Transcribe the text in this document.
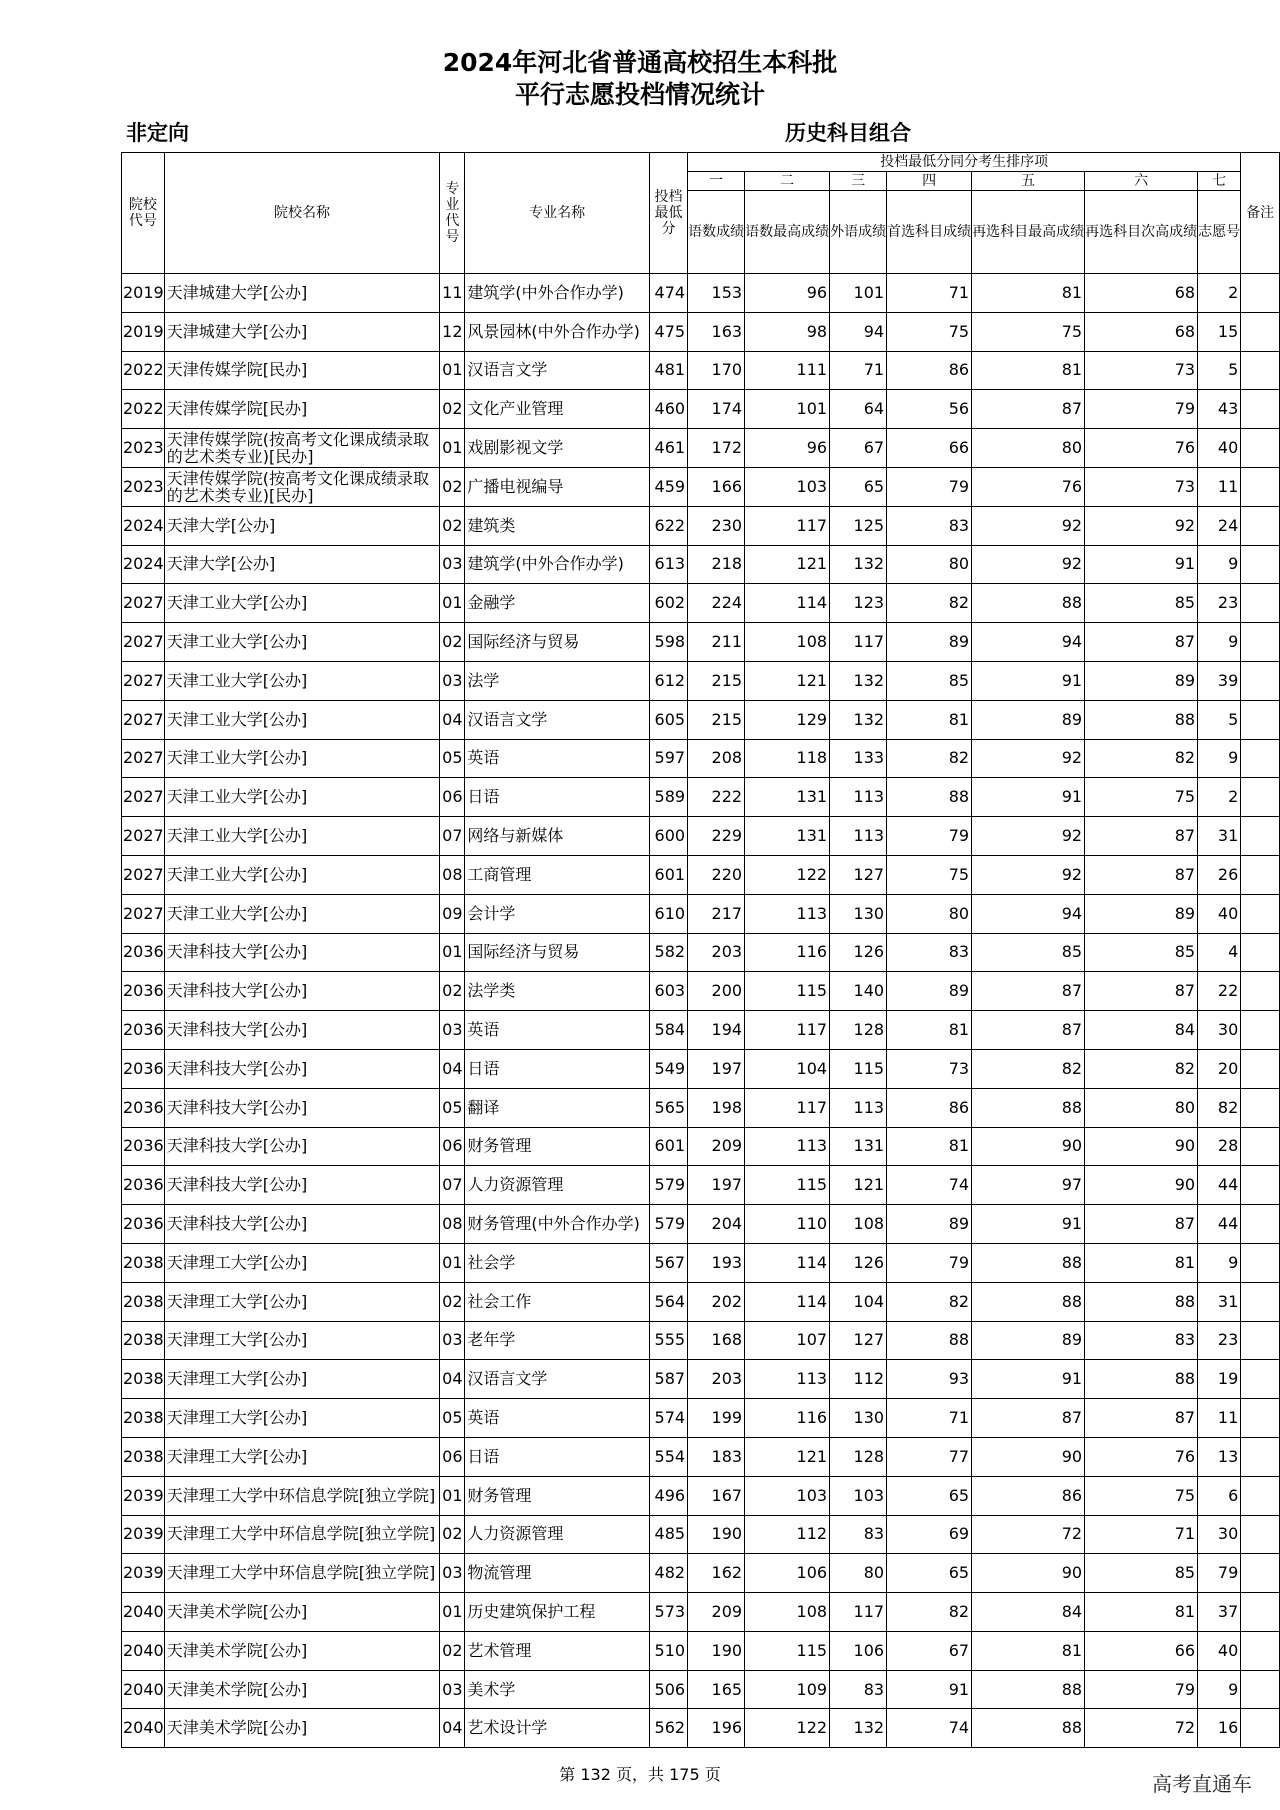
2024年河北省普通高校招生本科批
平行志愿投档情况统计
非定向	历史科目组合
院校代号	院校名称	专业代号	专业名称	投档最低分	投档最低分同分考生排序项							备注
					一	二	三	四	五	六	七	
					语数成绩	语数最高成绩	外语成绩	首选科目成绩	再选科目最高成绩	再选科目次高成绩	志愿号	
2019	天津城建大学[公办]	11	建筑学(中外合作办学)	474	153	96	101	71	81	68	2	
2019	天津城建大学[公办]	12	风景园林(中外合作办学)	475	163	98	94	75	75	68	15	
2022	天津传媒学院[民办]	01	汉语言文学	481	170	111	71	86	81	73	5	
2022	天津传媒学院[民办]	02	文化产业管理	460	174	101	64	56	87	79	43	
2023	天津传媒学院(按高考文化课成绩录取的艺术类专业)[民办]	01	戏剧影视文学	461	172	96	67	66	80	76	40	
2023	天津传媒学院(按高考文化课成绩录取的艺术类专业)[民办]	02	广播电视编导	459	166	103	65	79	76	73	11	
2024	天津大学[公办]	02	建筑类	622	230	117	125	83	92	92	24	
2024	天津大学[公办]	03	建筑学(中外合作办学)	613	218	121	132	80	92	91	9	
2027	天津工业大学[公办]	01	金融学	602	224	114	123	82	88	85	23	
2027	天津工业大学[公办]	02	国际经济与贸易	598	211	108	117	89	94	87	9	
2027	天津工业大学[公办]	03	法学	612	215	121	132	85	91	89	39	
2027	天津工业大学[公办]	04	汉语言文学	605	215	129	132	81	89	88	5	
2027	天津工业大学[公办]	05	英语	597	208	118	133	82	92	82	9	
2027	天津工业大学[公办]	06	日语	589	222	131	113	88	91	75	2	
2027	天津工业大学[公办]	07	网络与新媒体	600	229	131	113	79	92	87	31	
2027	天津工业大学[公办]	08	工商管理	601	220	122	127	75	92	87	26	
2027	天津工业大学[公办]	09	会计学	610	217	113	130	80	94	89	40	
2036	天津科技大学[公办]	01	国际经济与贸易	582	203	116	126	83	85	85	4	
2036	天津科技大学[公办]	02	法学类	603	200	115	140	89	87	87	22	
2036	天津科技大学[公办]	03	英语	584	194	117	128	81	87	84	30	
2036	天津科技大学[公办]	04	日语	549	197	104	115	73	82	82	20	
2036	天津科技大学[公办]	05	翻译	565	198	117	113	86	88	80	82	
2036	天津科技大学[公办]	06	财务管理	601	209	113	131	81	90	90	28	
2036	天津科技大学[公办]	07	人力资源管理	579	197	115	121	74	97	90	44	
2036	天津科技大学[公办]	08	财务管理(中外合作办学)	579	204	110	108	89	91	87	44	
2038	天津理工大学[公办]	01	社会学	567	193	114	126	79	88	81	9	
2038	天津理工大学[公办]	02	社会工作	564	202	114	104	82	88	88	31	
2038	天津理工大学[公办]	03	老年学	555	168	107	127	88	89	83	23	
2038	天津理工大学[公办]	04	汉语言文学	587	203	113	112	93	91	88	19	
2038	天津理工大学[公办]	05	英语	574	199	116	130	71	87	87	11	
2038	天津理工大学[公办]	06	日语	554	183	121	128	77	90	76	13	
2039	天津理工大学中环信息学院[独立学院]	01	财务管理	496	167	103	103	65	86	75	6	
2039	天津理工大学中环信息学院[独立学院]	02	人力资源管理	485	190	112	83	69	72	71	30	
2039	天津理工大学中环信息学院[独立学院]	03	物流管理	482	162	106	80	65	90	85	79	
2040	天津美术学院[公办]	01	历史建筑保护工程	573	209	108	117	82	84	81	37	
2040	天津美术学院[公办]	02	艺术管理	510	190	115	106	67	81	66	40	
2040	天津美术学院[公办]	03	美术学	506	165	109	83	91	88	79	9	
2040	天津美术学院[公办]	04	艺术设计学	562	196	122	132	74	88	72	16	
第 132 页，共 175 页	高考直通车
